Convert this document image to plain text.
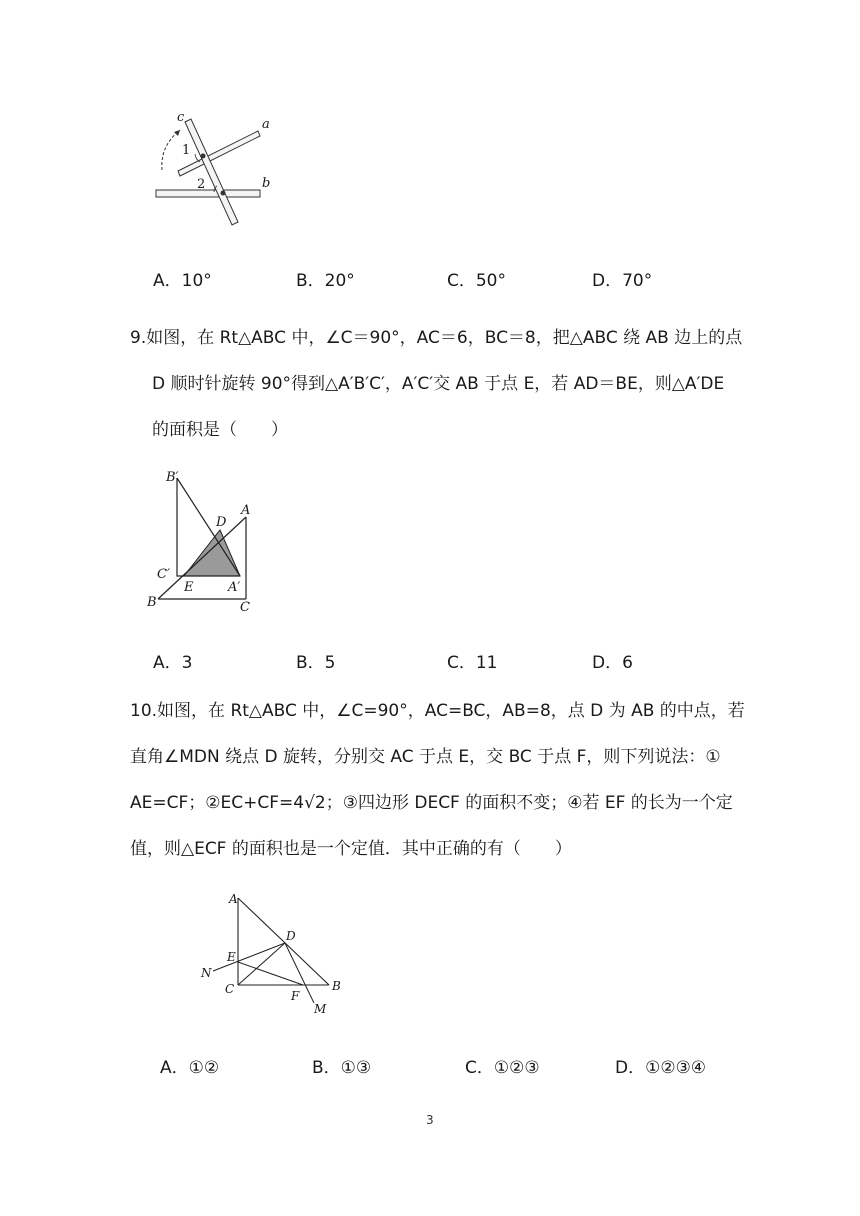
c	a
b
1
2
A．10°	B．20°	C．50°	D．70°
9.如图，在 Rt△ABC 中，∠C＝90°，AC＝6，BC＝8，把△ABC 绕 AB 边上的点
D 顺时针旋转 90°得到△A′B′C′，A′C′交 AB 于点 E，若 AD＝BE，则△A′DE
的面积是（　　）
B′
D
A
C′
E	A′
B	C
A．3	B．5	C．11	D．6
10.如图，在 Rt△ABC 中，∠C=90°，AC=BC，AB=8，点 D 为 AB 的中点，若
直角∠MDN 绕点 D 旋转，分别交 AC 于点 E，交 BC 于点 F，则下列说法：①
AE=CF；②EC+CF=4√2；③四边形 DECF 的面积不变；④若 EF 的长为一个定
值，则△ECF 的面积也是一个定值．其中正确的有（　　）
A
D
E
N
C	F
B
M
A．①②	B．①③	C．①②③	D．①②③④
3
